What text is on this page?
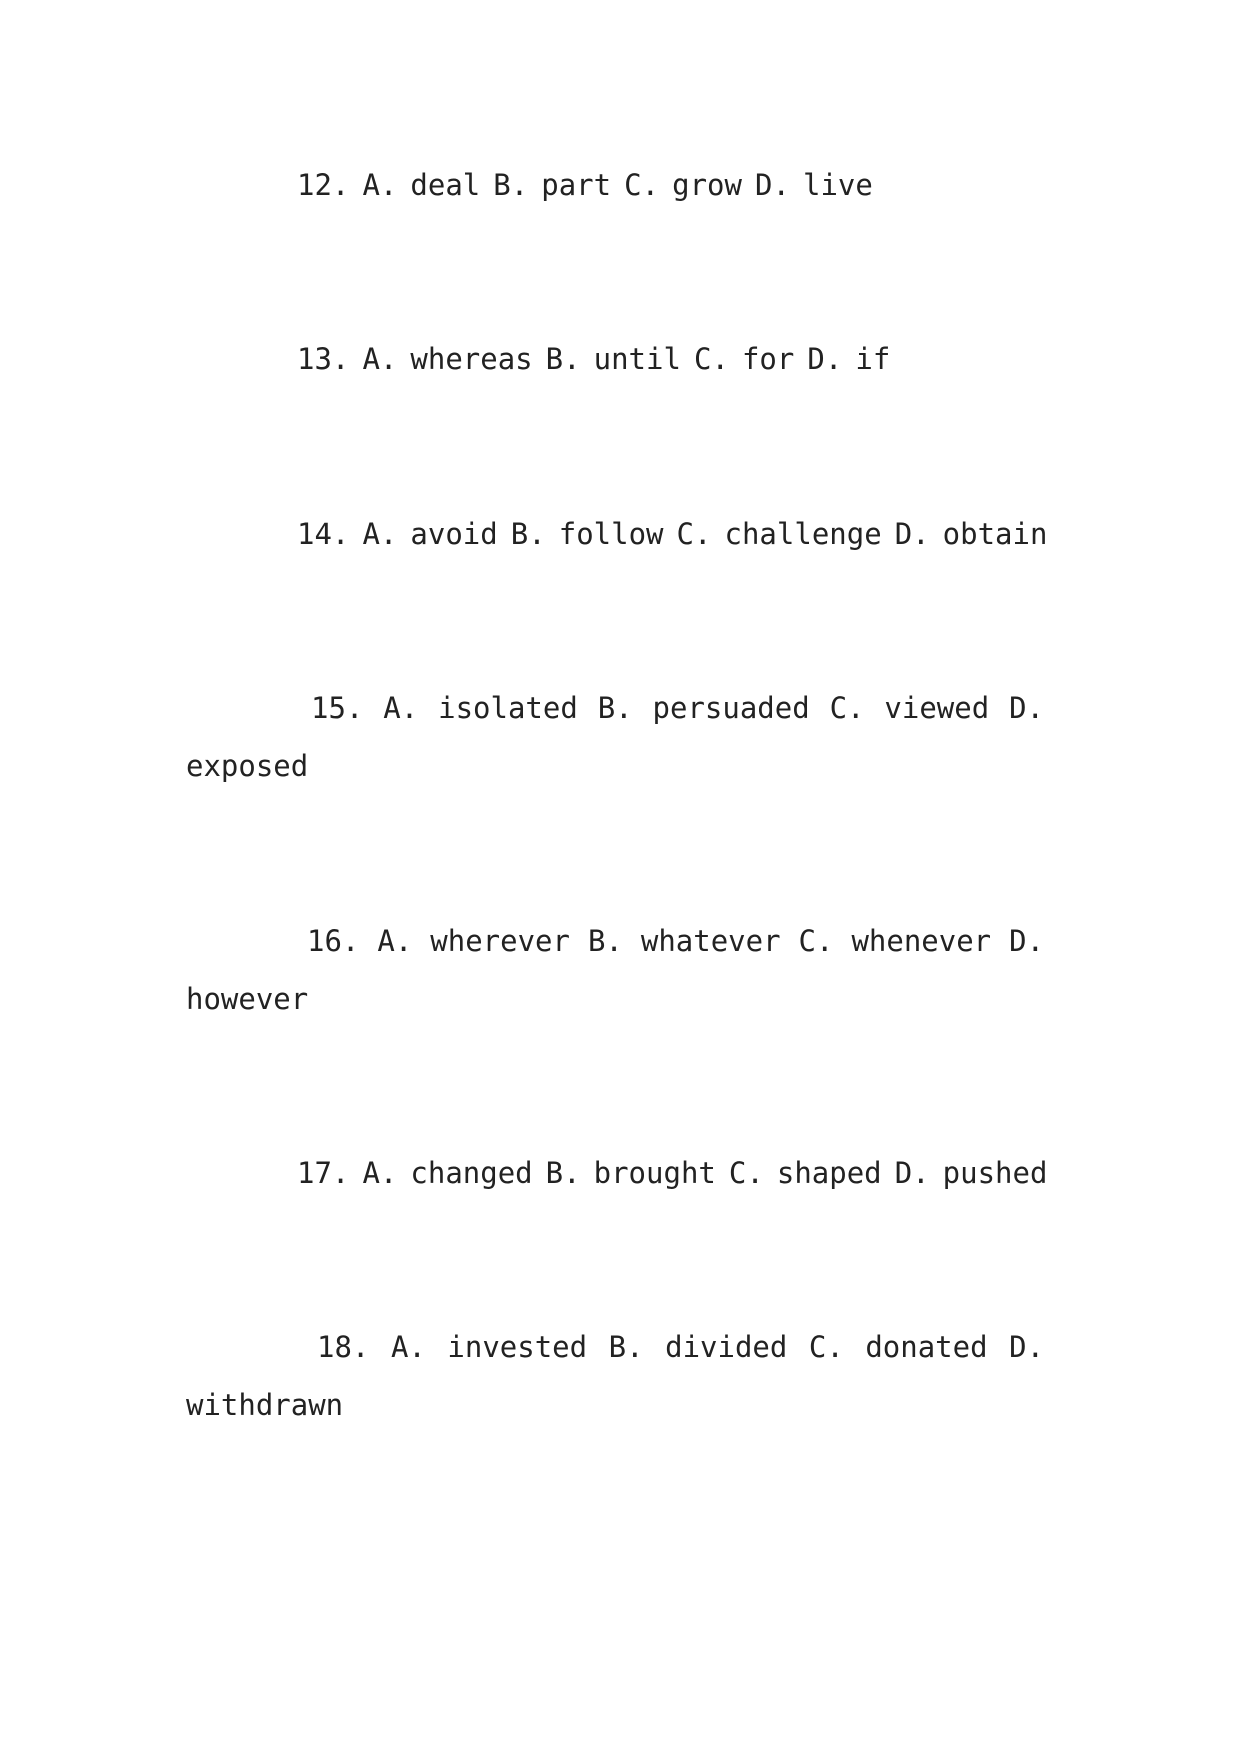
12. A. deal B. part C. grow D. live
13. A. whereas B. until C. for D. if
14. A. avoid B. follow C. challenge D. obtain
15. A. isolated B. persuaded C. viewed D.
exposed
16. A. wherever B. whatever C. whenever D.
however
17. A. changed B. brought C. shaped D. pushed
18. A. invested B. divided C. donated D.
withdrawn
